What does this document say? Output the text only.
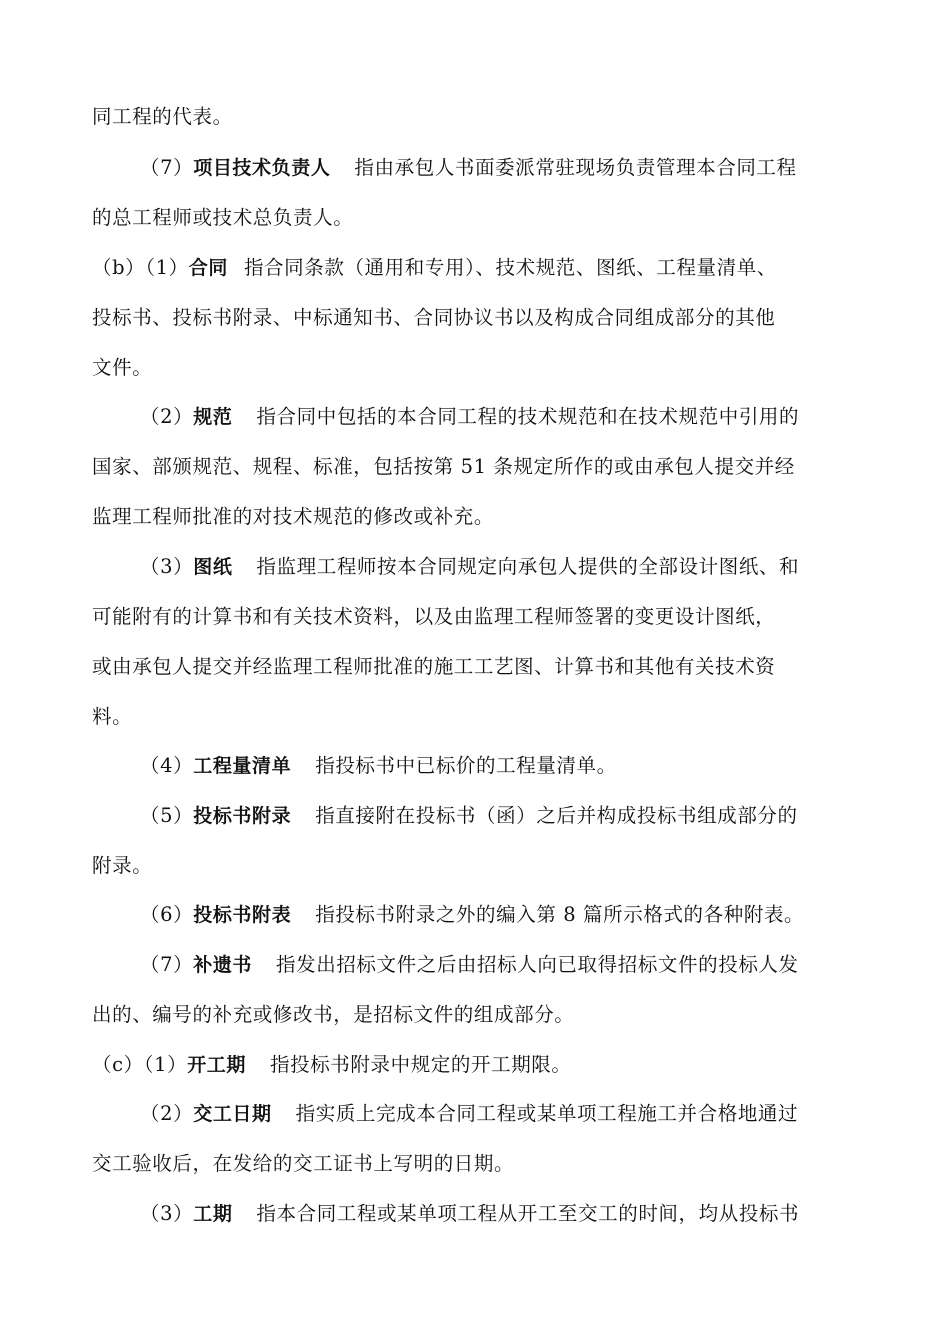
同工程的代表。
（7）项目技术负责人 指由承包人书面委派常驻现场负责管理本合同工程
的总工程师或技术总负责人。
（b）（1）合同 指合同条款（通用和专用）、技术规范、图纸、工程量清单、
投标书、投标书附录、中标通知书、合同协议书以及构成合同组成部分的其他
文件。
（2）规范 指合同中包括的本合同工程的技术规范和在技术规范中引用的
国家、部颁规范、规程、标准，包括按第 51 条规定所作的或由承包人提交并经
监理工程师批准的对技术规范的修改或补充。
（3）图纸 指监理工程师按本合同规定向承包人提供的全部设计图纸、和
可能附有的计算书和有关技术资料，以及由监理工程师签署的变更设计图纸，
或由承包人提交并经监理工程师批准的施工工艺图、计算书和其他有关技术资
料。
（4）工程量清单 指投标书中已标价的工程量清单。
（5）投标书附录 指直接附在投标书（函）之后并构成投标书组成部分的
附录。
（6）投标书附表 指投标书附录之外的编入第 8 篇所示格式的各种附表。
（7）补遗书 指发出招标文件之后由招标人向已取得招标文件的投标人发
出的、编号的补充或修改书，是招标文件的组成部分。
（c）（1）开工期 指投标书附录中规定的开工期限。
（2）交工日期 指实质上完成本合同工程或某单项工程施工并合格地通过
交工验收后，在发给的交工证书上写明的日期。
（3）工期 指本合同工程或某单项工程从开工至交工的时间，均从投标书
